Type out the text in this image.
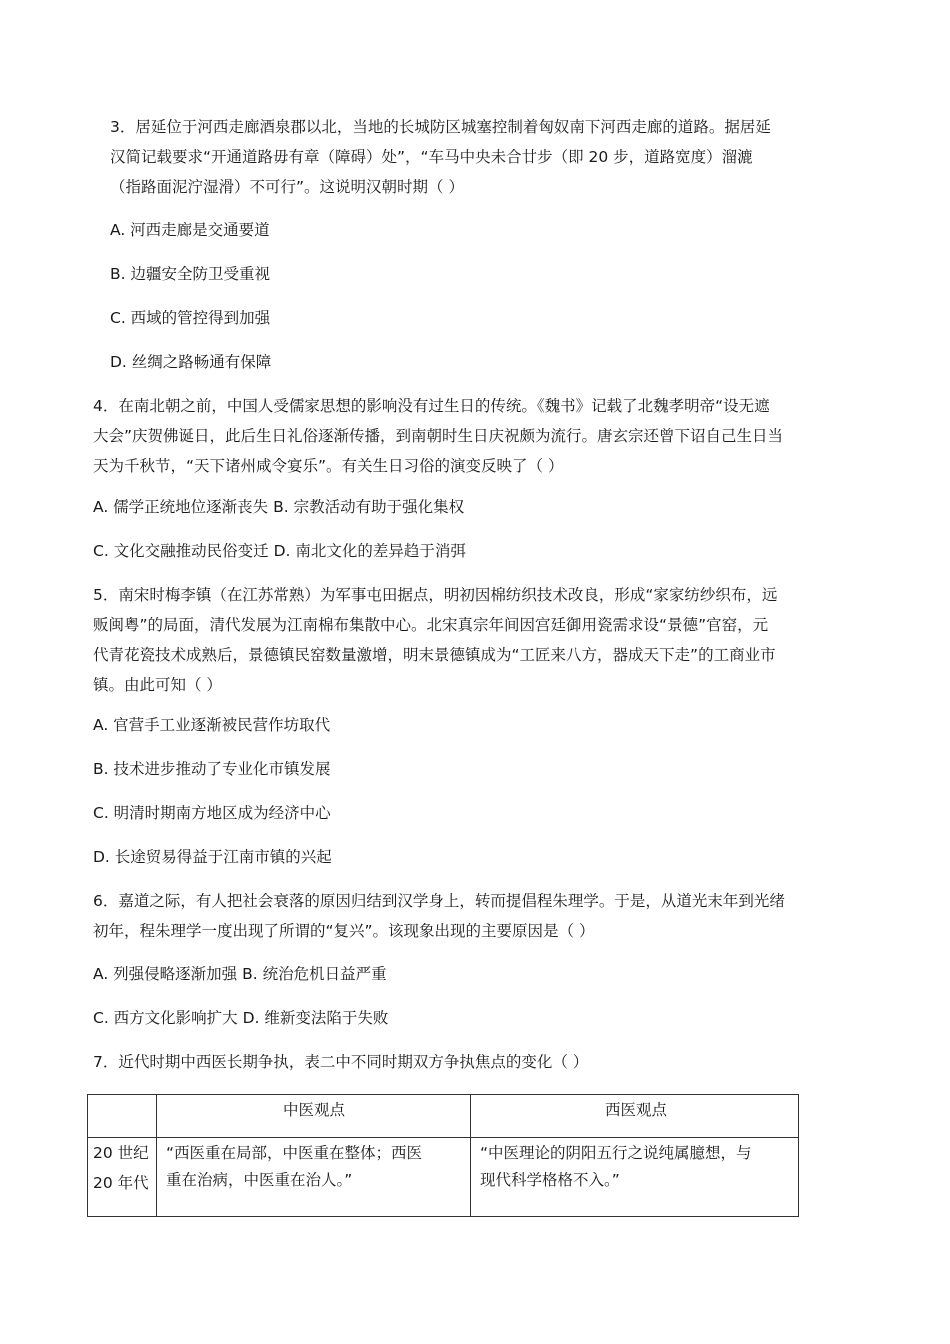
3．居延位于河西走廊酒泉郡以北，当地的长城防区城塞控制着匈奴南下河西走廊的道路。据居延
汉简记载要求“开通道路毋有章（障碍）处”，“车马中央未合廿步（即 20 步，道路宽度）溜漉
（指路面泥泞湿滑）不可行”。这说明汉朝时期（ ）
A. 河西走廊是交通要道
B. 边疆安全防卫受重视
C. 西域的管控得到加强
D. 丝绸之路畅通有保障
4．在南北朝之前，中国人受儒家思想的影响没有过生日的传统。《魏书》记载了北魏孝明帝“设无遮
大会”庆贺佛诞日，此后生日礼俗逐渐传播，到南朝时生日庆祝颇为流行。唐玄宗还曾下诏自己生日当
天为千秋节，“天下诸州咸令宴乐”。有关生日习俗的演变反映了（ ）
A. 儒学正统地位逐渐丧失 B. 宗教活动有助于强化集权
C. 文化交融推动民俗变迁 D. 南北文化的差异趋于消弭
5．南宋时梅李镇（在江苏常熟）为军事屯田据点，明初因棉纺织技术改良，形成“家家纺纱织布，远
贩闽粤”的局面，清代发展为江南棉布集散中心。北宋真宗年间因宫廷御用瓷需求设“景德”官窑，元
代青花瓷技术成熟后，景德镇民窑数量激增，明末景德镇成为“工匠来八方，器成天下走”的工商业市
镇。由此可知（ ）
A. 官营手工业逐渐被民营作坊取代
B. 技术进步推动了专业化市镇发展
C. 明清时期南方地区成为经济中心
D. 长途贸易得益于江南市镇的兴起
6．嘉道之际，有人把社会衰落的原因归结到汉学身上，转而提倡程朱理学。于是，从道光末年到光绪
初年，程朱理学一度出现了所谓的“复兴”。该现象出现的主要原因是（ ）
A. 列强侵略逐渐加强 B. 统治危机日益严重
C. 西方文化影响扩大 D. 维新变法陷于失败
7．近代时期中西医长期争执，表二中不同时期双方争执焦点的变化（ ）
中医观点	西医观点
20 世纪
20 年代
“西医重在局部，中医重在整体；西医
重在治病，中医重在治人。”
“中医理论的阴阳五行之说纯属臆想，与
现代科学格格不入。”
